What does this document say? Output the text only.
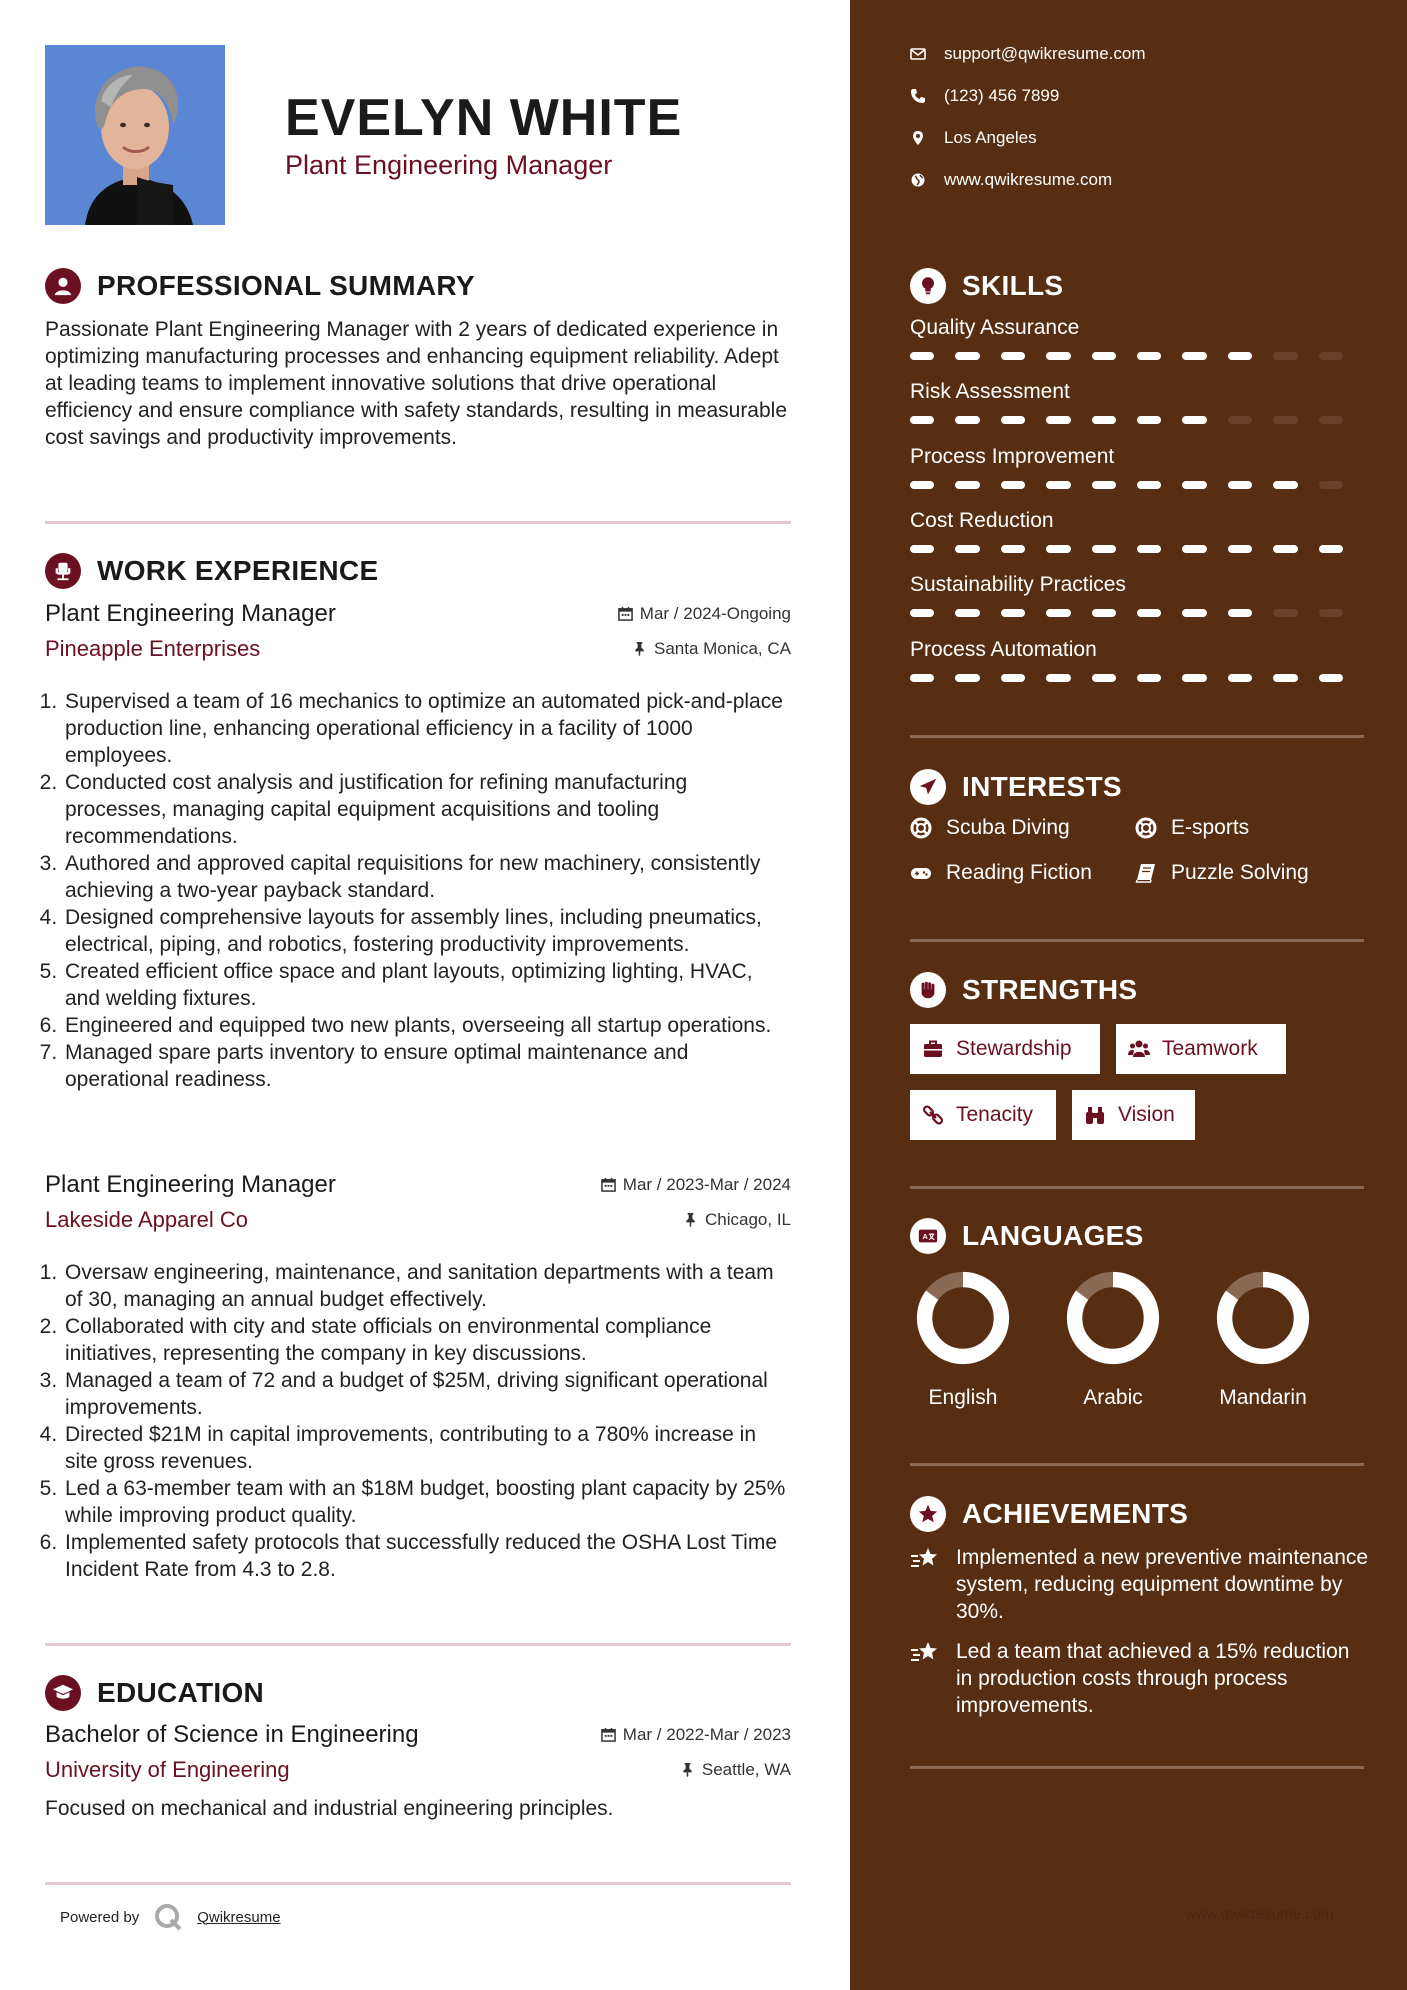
EVELYN WHITE
Plant Engineering Manager
PROFESSIONAL SUMMARY
Passionate Plant Engineering Manager with 2 years of dedicated experience in optimizing manufacturing processes and enhancing equipment reliability. Adept at leading teams to implement innovative solutions that drive operational efficiency and ensure compliance with safety standards, resulting in measurable cost savings and productivity improvements.
WORK EXPERIENCE
Plant Engineering Manager	Mar / 2024-Ongoing
Pineapple Enterprises	Santa Monica, CA
1. Supervised a team of 16 mechanics to optimize an automated pick-and-place production line, enhancing operational efficiency in a facility of 1000 employees.
2. Conducted cost analysis and justification for refining manufacturing processes, managing capital equipment acquisitions and tooling recommendations.
3. Authored and approved capital requisitions for new machinery, consistently achieving a two-year payback standard.
4. Designed comprehensive layouts for assembly lines, including pneumatics, electrical, piping, and robotics, fostering productivity improvements.
5. Created efficient office space and plant layouts, optimizing lighting, HVAC, and welding fixtures.
6. Engineered and equipped two new plants, overseeing all startup operations.
7. Managed spare parts inventory to ensure optimal maintenance and operational readiness.
Plant Engineering Manager	Mar / 2023-Mar / 2024
Lakeside Apparel Co	Chicago, IL
1. Oversaw engineering, maintenance, and sanitation departments with a team of 30, managing an annual budget effectively.
2. Collaborated with city and state officials on environmental compliance initiatives, representing the company in key discussions.
3. Managed a team of 72 and a budget of $25M, driving significant operational improvements.
4. Directed $21M in capital improvements, contributing to a 780% increase in site gross revenues.
5. Led a 63-member team with an $18M budget, boosting plant capacity by 25% while improving product quality.
6. Implemented safety protocols that successfully reduced the OSHA Lost Time Incident Rate from 4.3 to 2.8.
EDUCATION
Bachelor of Science in Engineering	Mar / 2022-Mar / 2023
University of Engineering	Seattle, WA
Focused on mechanical and industrial engineering principles.
Powered by	Qwikresume
support@qwikresume.com
(123) 456 7899
Los Angeles
www.qwikresume.com
SKILLS
Quality Assurance
Risk Assessment
Process Improvement
Cost Reduction
Sustainability Practices
Process Automation
INTERESTS
Scuba Diving	E-sports
Reading Fiction	Puzzle Solving
STRENGTHS
Stewardship	Teamwork
Tenacity	Vision
A LANGUAGES
English	Arabic	Mandarin
ACHIEVEMENTS
Implemented a new preventive maintenance system, reducing equipment downtime by 30%.
Led a team that achieved a 15% reduction in production costs through process improvements.
www.qwikresume.com
